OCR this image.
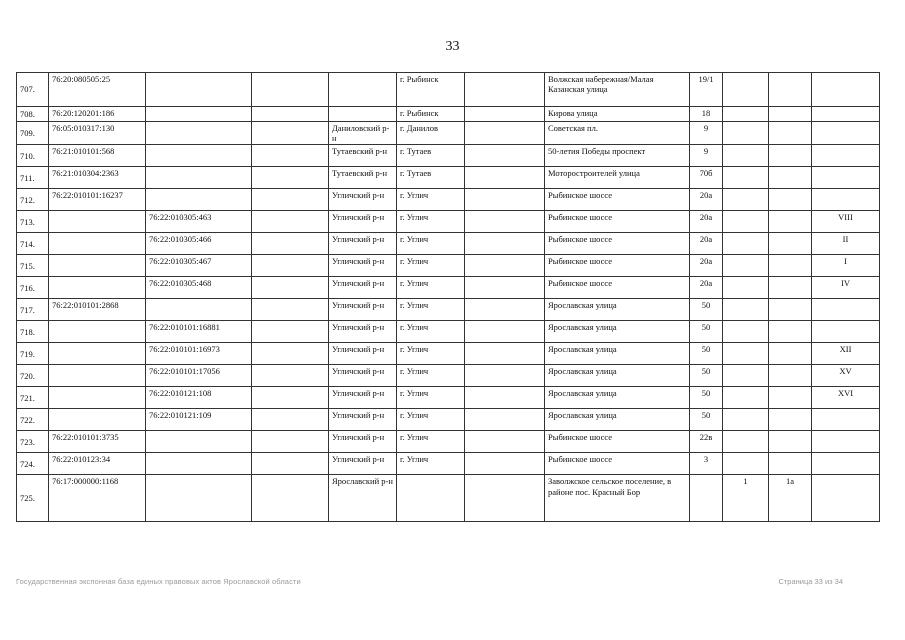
33
707.	76:20:080505:25				г. Рыбинск		Волжская набережная/Малая Казанская улица	19/1			
708.	76:20:120201:186				г. Рыбинск		Кирова улица	18			
709.	76:05:010317:130			Даниловский р-н	г. Данилов		Советская пл.	9			
710.	76:21:010101:568			Тутаевский р-н	г. Тутаев		50-летия Победы проспект	9			
711.	76:21:010304:2363			Тутаевский р-н	г. Тутаев		Моторостроителей улица	70б			
712.	76:22:010101:16237			Угличский р-н	г. Углич		Рыбинское шоссе	20а			
713.		76:22:010305:463		Угличский р-н	г. Углич		Рыбинское шоссе	20а			VIII
714.		76:22:010305:466		Угличский р-н	г. Углич		Рыбинское шоссе	20а			II
715.		76:22:010305:467		Угличский р-н	г. Углич		Рыбинское шоссе	20а			I
716.		76:22:010305:468		Угличский р-н	г. Углич		Рыбинское шоссе	20а			IV
717.	76:22:010101:2868			Угличский р-н	г. Углич		Ярославская улица	50			
718.		76:22:010101:16881		Угличский р-н	г. Углич		Ярославская улица	50			
719.		76:22:010101:16973		Угличский р-н	г. Углич		Ярославская улица	50			XII
720.		76:22:010101:17056		Угличский р-н	г. Углич		Ярославская улица	50			XV
721.		76:22:010121:108		Угличский р-н	г. Углич		Ярославская улица	50			XVI
722.		76:22:010121:109		Угличский р-н	г. Углич		Ярославская улица	50			
723.	76:22:010101:3735			Угличский р-н	г. Углич		Рыбинское шоссе	22в			
724.	76:22:010123:34			Угличский р-н	г. Углич		Рыбинское шоссе	3			
725.	76:17:000000:1168			Ярославский р-н			Заволжское сельское поселение, в районе пос. Красный Бор		1	1а	
Государственная экспонная база единых правовых актов Ярославской области	Страница 33 из 34
